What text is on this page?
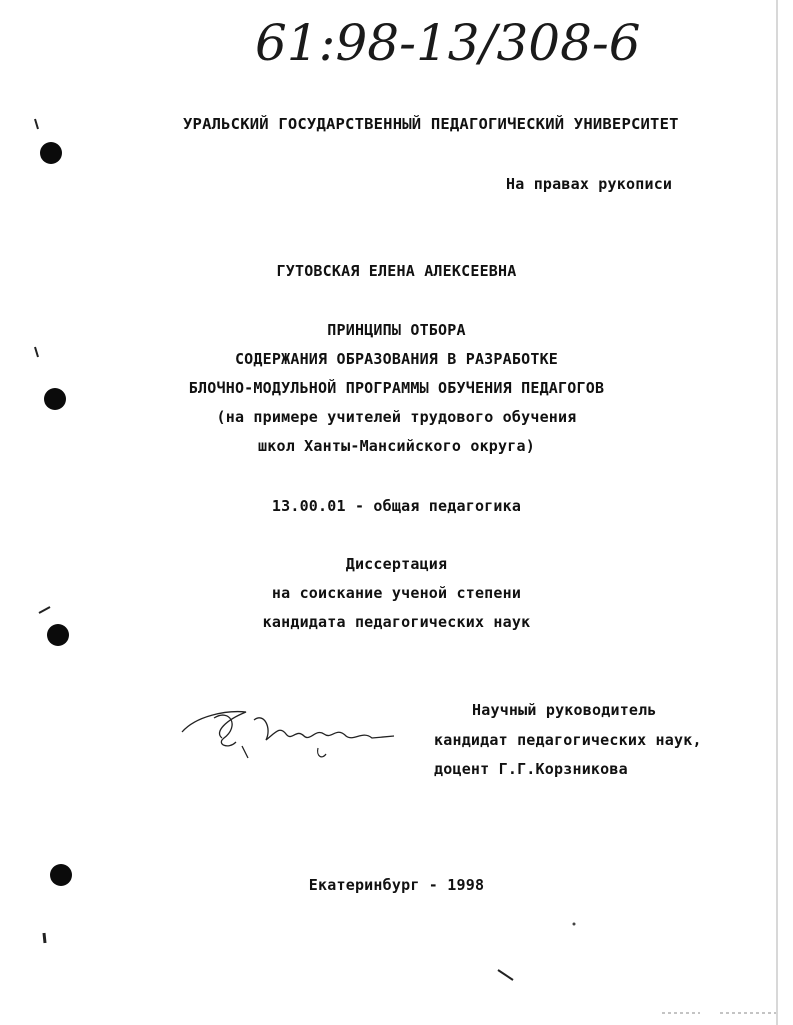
61:98-13/308-6

УРАЛЬСКИЙ ГОСУДАРСТВЕННЫЙ ПЕДАГОГИЧЕСКИЙ УНИВЕРСИТЕТ

На правах рукописи

ГУТОВСКАЯ ЕЛЕНА АЛЕКСЕЕВНА

ПРИНЦИПЫ ОТБОРА

СОДЕРЖАНИЯ ОБРАЗОВАНИЯ В РАЗРАБОТКЕ

БЛОЧНО-МОДУЛЬНОЙ ПРОГРАММЫ ОБУЧЕНИЯ ПЕДАГОГОВ

(на примере учителей трудового обучения

школ Ханты-Мансийского округа)

13.00.01 - общая педагогика

Диссертация

на соискание ученой степени

кандидата педагогических наук

Научный руководитель

кандидат педагогических наук,

доцент Г.Г.Корзникова

Екатеринбург - 1998
